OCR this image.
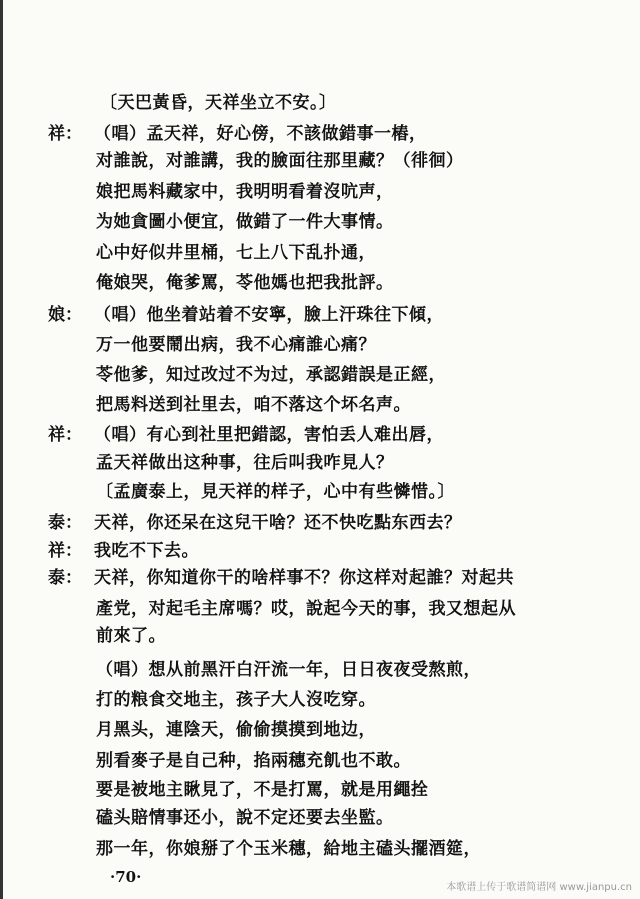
〔天巴黃昏，天祥坐立不安。〕
祥： （唱）孟天祥，好心傍，不該做錯事一樁，
对誰說，对誰講，我的臉面往那里藏？（徘徊）
娘把馬料藏家中，我明明看着沒吭声，
为她貪圖小便宜，做錯了一件大事情。
心中好似井里桶，七上八下乱扑通，
俺娘哭，俺爹罵，苓他媽也把我批評。
娘： （唱）他坐着站着不安寧，臉上汗珠往下傾，
万一他要鬧出病，我不心痛誰心痛？
苓他爹，知过改过不为过，承認錯誤是正經，
把馬料送到社里去，咱不落这个坏名声。
祥： （唱）有心到社里把錯認，害怕丢人难出唇，
孟天祥做出这种事，往后叫我咋見人？
〔孟廣泰上，見天祥的样子，心中有些憐惜。〕
泰： 天祥，你还呆在这兒干啥？还不快吃點东西去？
祥： 我吃不下去。
泰： 天祥，你知道你干的啥样事不？你这样对起誰？对起共
產党，对起毛主席嗎？哎，說起今天的事，我又想起从
前來了。
（唱）想从前黑汗白汗流一年，日日夜夜受熬煎，
打的粮食交地主，孩子大人沒吃穿。
月黑头，連陰天，偷偷摸摸到地边，
别看麥子是自己种，掐兩穗充飢也不敢。
要是被地主瞅見了，不是打罵，就是用繩拴
磕头賠情事还小，說不定还要去坐監。
那一年，你娘掰了个玉米穗，給地主磕头擺酒筵，
·70·
本歌谱上传于歌谱简谱网 www.jianpu.cn
